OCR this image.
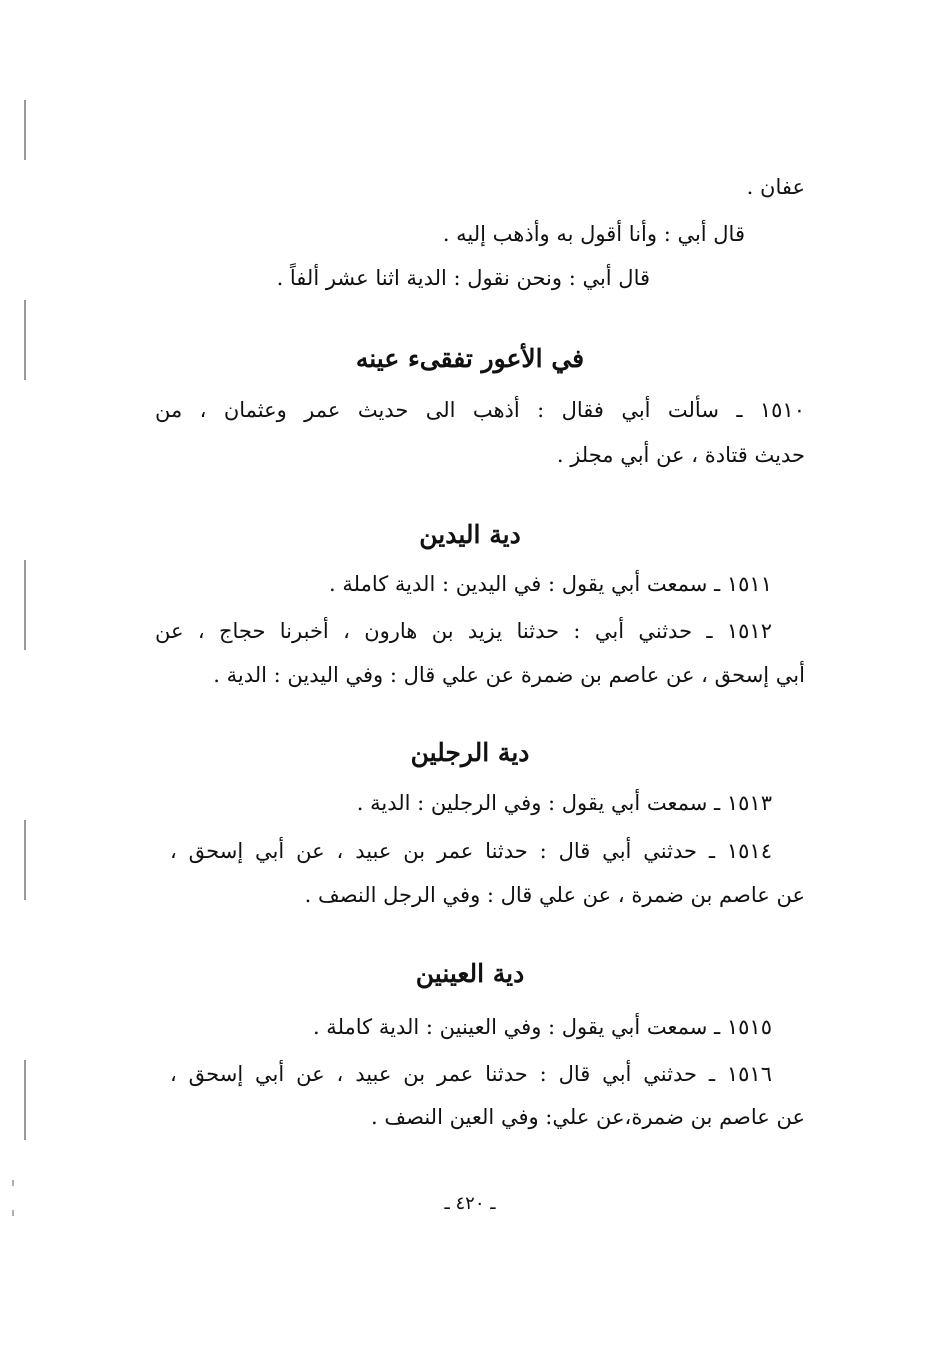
عفان .
قال أبي : وأنا أقول به وأذهب إليه .
قال أبي : ونحن نقول : الدية اثنا عشر ألفاً .
في الأعور تفقىء عينه
١٥١٠ ـ سألت أبي فقال : أذهب الى حديث عمر وعثمان ، من
حديث قتادة ، عن أبي مجلز .
دية اليدين
١٥١١ ـ سمعت أبي يقول : في اليدين : الدية كاملة .
١٥١٢ ـ حدثني أبي : حدثنا يزيد بن هارون ، أخبرنا حجاج ، عن
أبي إسحق ، عن عاصم بن ضمرة عن علي قال : وفي اليدين : الدية .
دية الرجلين
١٥١٣ ـ سمعت أبي يقول : وفي الرجلين : الدية .
١٥١٤ ـ حدثني أبي قال : حدثنا عمر بن عبيد ، عن أبي إسحق ،
عن عاصم بن ضمرة ، عن علي قال : وفي الرجل النصف .
دية العينين
١٥١٥ ـ سمعت أبي يقول : وفي العينين : الدية كاملة .
١٥١٦ ـ حدثني أبي قال : حدثنا عمر بن عبيد ، عن أبي إسحق ،
عن عاصم بن ضمرة،عن علي: وفي العين النصف .
ـ ٤٢٠ ـ
